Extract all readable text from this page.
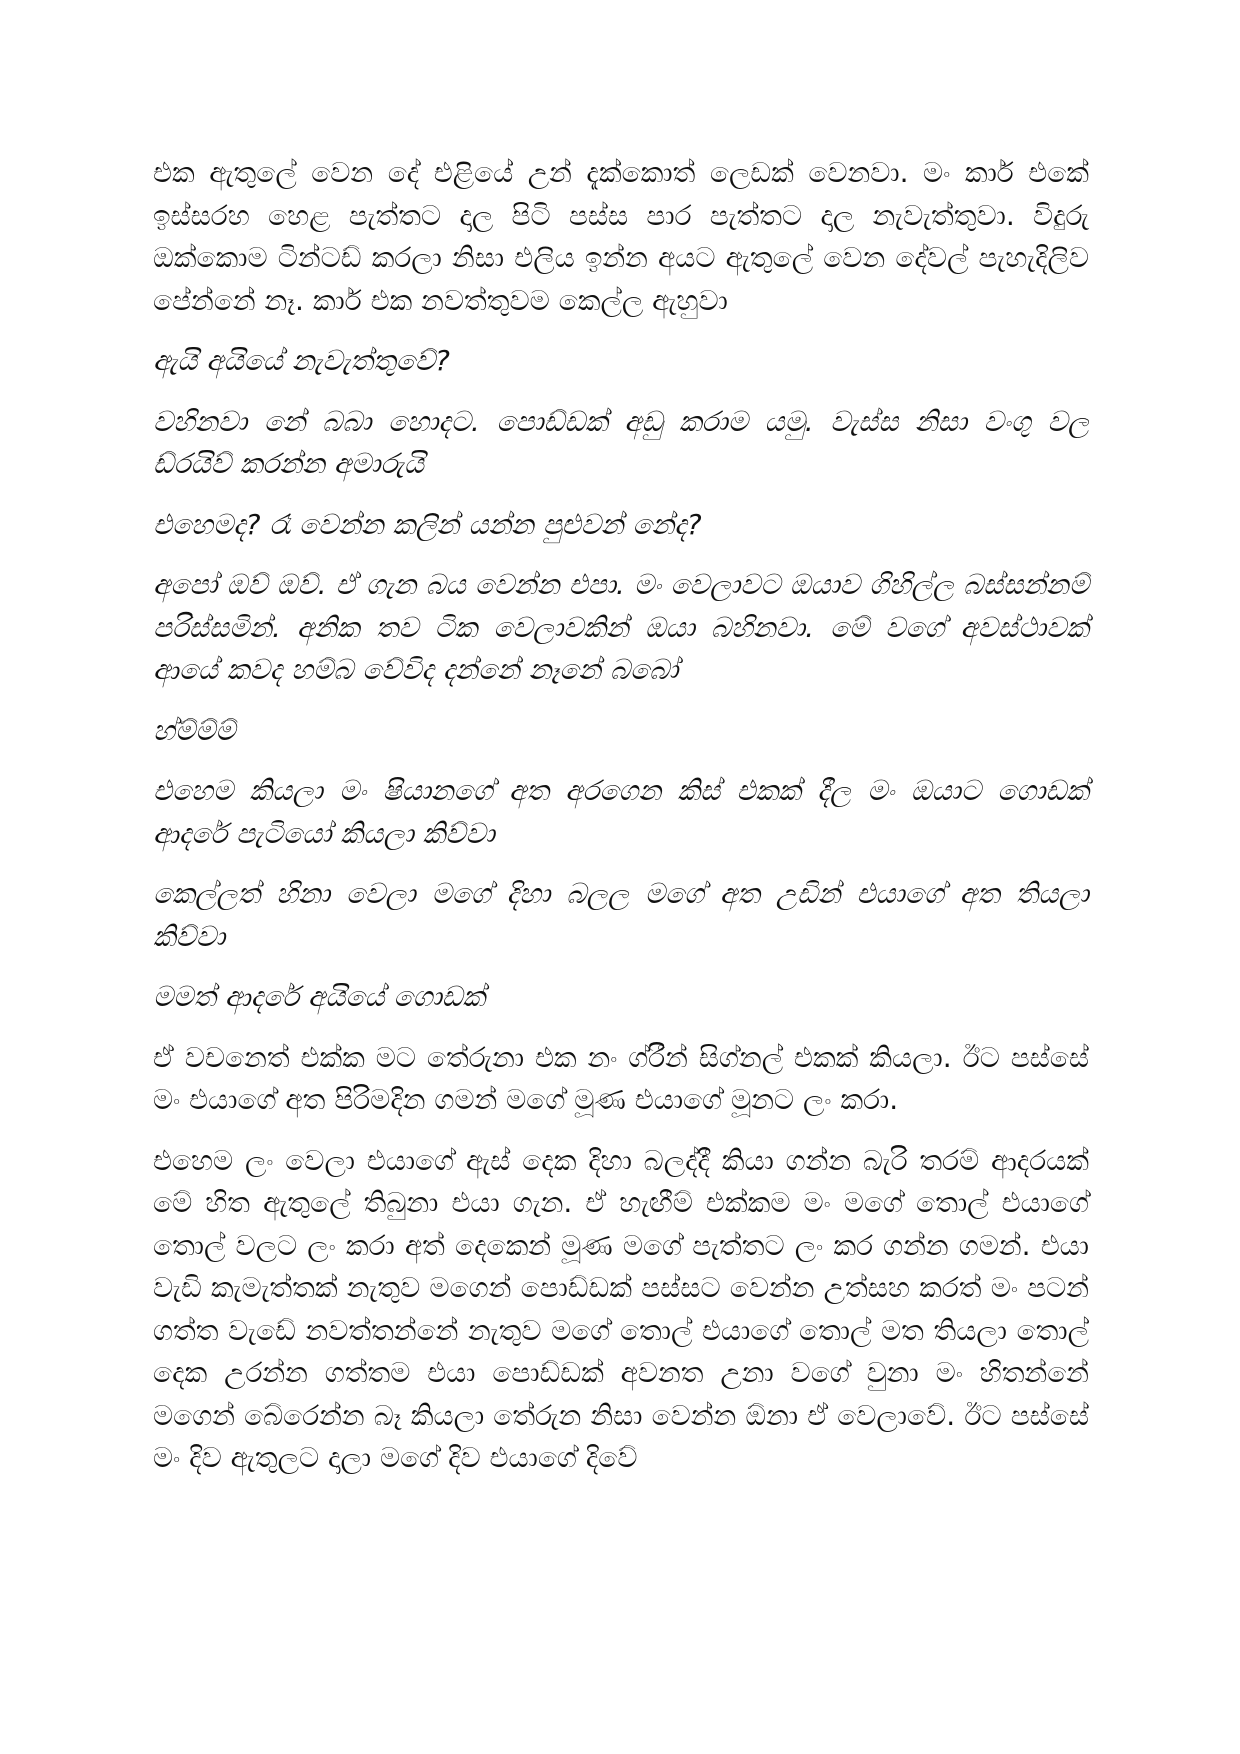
එක ඇතුලේ වෙන දේ එළියේ උන් දැක්කොත් ලෙඩක් වෙනවා. මං කාර් එකේ ඉස්සරහ හෙළ පැත්තට දාල පිටි පස්ස පාර පැත්තට දාල නැවැත්තුවා. විදුරු ඔක්කොම ටින්ටඩ් කරලා නිසා එලිය ඉන්න අයට ඇතුලේ වෙන දේවල් පැහැදිලිව පේන්නේ නෑ. කාර් එක නවත්තුවම කෙල්ල ඇහුවා

ඇයි අයියේ නැවැත්තුවේ?

වහිනවා නේ බබා හොදට. පොඩ්ඩක් අඩු කරාම යමු. වැස්ස නිසා වංගු වල ඩ්රයිව් කරන්න අමාරුයි

එහෙමද? රෑ වෙන්න කලින් යන්න පුළුවන් නේද?

අපෝ ඔව් ඔව්. ඒ ගැන බය වෙන්න එපා. මං වෙලාවට ඔයාව ගිහිල්ල බස්සන්නම් පරිස්සමින්. අනික තව ටික වෙලාවකින් ඔයා බහිනවා. මේ වගේ අවස්ථාවක් ආයේ කවද හම්බ වේවිද දන්නේ නෑනේ බබෝ

හ්ම්ම්ම්

එහෙම කියලා මං ෂියානගේ අත අරගෙන කිස් එකක් දීල මං ඔයාට ගොඩක් ආදරේ පැටියෝ කියලා කිව්වා

කෙල්ලත් හිනා වෙලා මගේ දිහා බලල මගේ අත උඩින් එයාගේ අත තියලා කිව්වා

මමත් ආදරේ අයියේ ගොඩක්

ඒ වචනෙත් එක්ක මට තේරුනා එක නං ග්රීන් සිග්නල් එකක් කියලා. ඊට පස්සේ මං එයාගේ අත පිරිමදින ගමන් මගේ මූණ එයාගේ මූනට ලං කරා.

එහෙම ලං වෙලා එයාගේ ඇස් දෙක දිහා බලද්දී කියා ගන්න බැරි තරම් ආදරයක් මේ හිත ඇතුලේ තිබුනා එයා ගැන. ඒ හැඟීම් එක්කම මං මගේ තොල් එයාගේ තොල් වලට ලං කරා අත් දෙකෙන් මූණ මගේ පැත්තට ලං කර ගන්න ගමන්. එයා වැඩි කැමැත්තක් නැතුව මගෙන් පොඩ්ඩක් පස්සට වෙන්න උත්සහ කරත් මං පටන් ගත්ත වැඩේ නවත්තන්නේ නැතුව මගේ තොල් එයාගේ තොල් මත තියලා තොල් දෙක උරන්න ගත්තම එයා පොඩ්ඩක් අවනත උනා වගේ වුනා මං හිතන්නේ මගෙන් බේරෙන්න බෑ කියලා තේරුන නිසා වෙන්න ඕනා ඒ වෙලාවේ. ඊට පස්සේ මං දිව ඇතුලට දාලා මගේ දිව එයාගේ දිවේ
